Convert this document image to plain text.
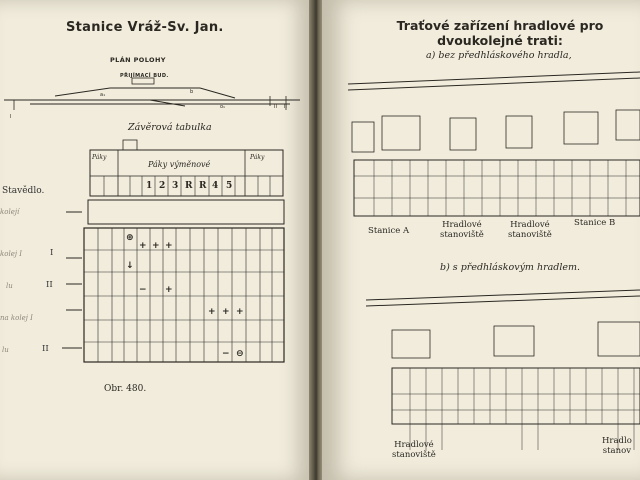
Stanice Vráž-Sv. Jan.
PLÁN POLOHY
PŘIJÍMACÍ BUD.
I
II II
o₁
a₁	b
Závěrová tabulka
+ + +
− +
+ + +
− ⊖
⊕
↓
Páky
Páky výměnové
Páky
1 2 3 R R 4 5
Stavědlo.
kolejí
kolej I
lu
na kolej I
lu
I
II
II
Obr. 480.
Traťové zařízení hradlové pro
dvoukolejné trati:
a) bez předhláskového hradla,
Stanice A
Hradlové
stanoviště
Hradlové
stanoviště
Stanice B
b) s předhláskovým hradlem.
Hradlové
stanoviště
Hradlo
stanov
